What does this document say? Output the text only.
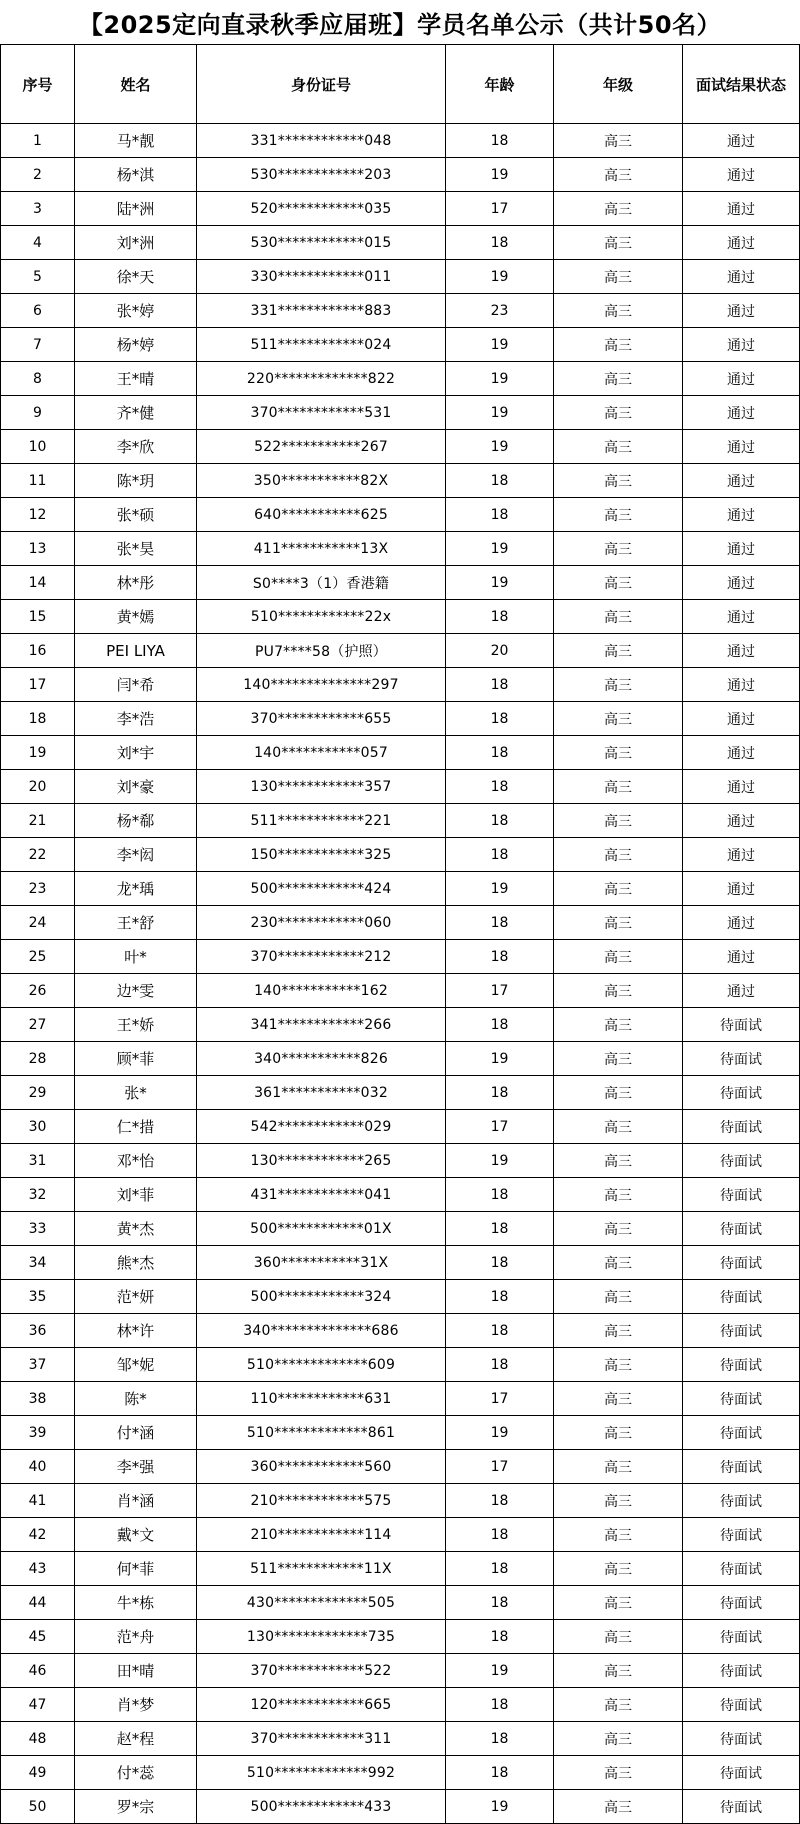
【2025定向直录秋季应届班】学员名单公示（共计50名）
序号	姓名	身份证号	年龄	年级	面试结果状态
1	马*靓	331************048	18	高三	通过
2	杨*淇	530************203	19	高三	通过
3	陆*洲	520************035	17	高三	通过
4	刘*洲	530************015	18	高三	通过
5	徐*天	330************011	19	高三	通过
6	张*婷	331************883	23	高三	通过
7	杨*婷	511************024	19	高三	通过
8	王*晴	220*************822	19	高三	通过
9	齐*健	370************531	19	高三	通过
10	李*欣	522***********267	19	高三	通过
11	陈*玥	350***********82X	18	高三	通过
12	张*硕	640***********625	18	高三	通过
13	张*昊	411***********13X	19	高三	通过
14	林*彤	S0****3（1）香港籍	19	高三	通过
15	黄*嫣	510************22x	18	高三	通过
16	PEI LIYA	PU7****58（护照）	20	高三	通过
17	闫*希	140**************297	18	高三	通过
18	李*浩	370************655	18	高三	通过
19	刘*宇	140***********057	18	高三	通过
20	刘*豪	130************357	18	高三	通过
21	杨*郗	511************221	18	高三	通过
22	李*闳	150************325	18	高三	通过
23	龙*瑀	500************424	19	高三	通过
24	王*舒	230************060	18	高三	通过
25	叶*	370************212	18	高三	通过
26	边*雯	140***********162	17	高三	通过
27	王*娇	341************266	18	高三	待面试
28	顾*菲	340***********826	19	高三	待面试
29	张*	361***********032	18	高三	待面试
30	仁*措	542************029	17	高三	待面试
31	邓*怡	130************265	19	高三	待面试
32	刘*菲	431************041	18	高三	待面试
33	黄*杰	500************01X	18	高三	待面试
34	熊*杰	360***********31X	18	高三	待面试
35	范*妍	500************324	18	高三	待面试
36	林*许	340**************686	18	高三	待面试
37	邹*妮	510*************609	18	高三	待面试
38	陈*	110************631	17	高三	待面试
39	付*涵	510*************861	19	高三	待面试
40	李*强	360************560	17	高三	待面试
41	肖*涵	210************575	18	高三	待面试
42	戴*文	210************114	18	高三	待面试
43	何*菲	511************11X	18	高三	待面试
44	牛*栋	430*************505	18	高三	待面试
45	范*舟	130*************735	18	高三	待面试
46	田*晴	370************522	19	高三	待面试
47	肖*梦	120************665	18	高三	待面试
48	赵*程	370************311	18	高三	待面试
49	付*蕊	510*************992	18	高三	待面试
50	罗*宗	500************433	19	高三	待面试
